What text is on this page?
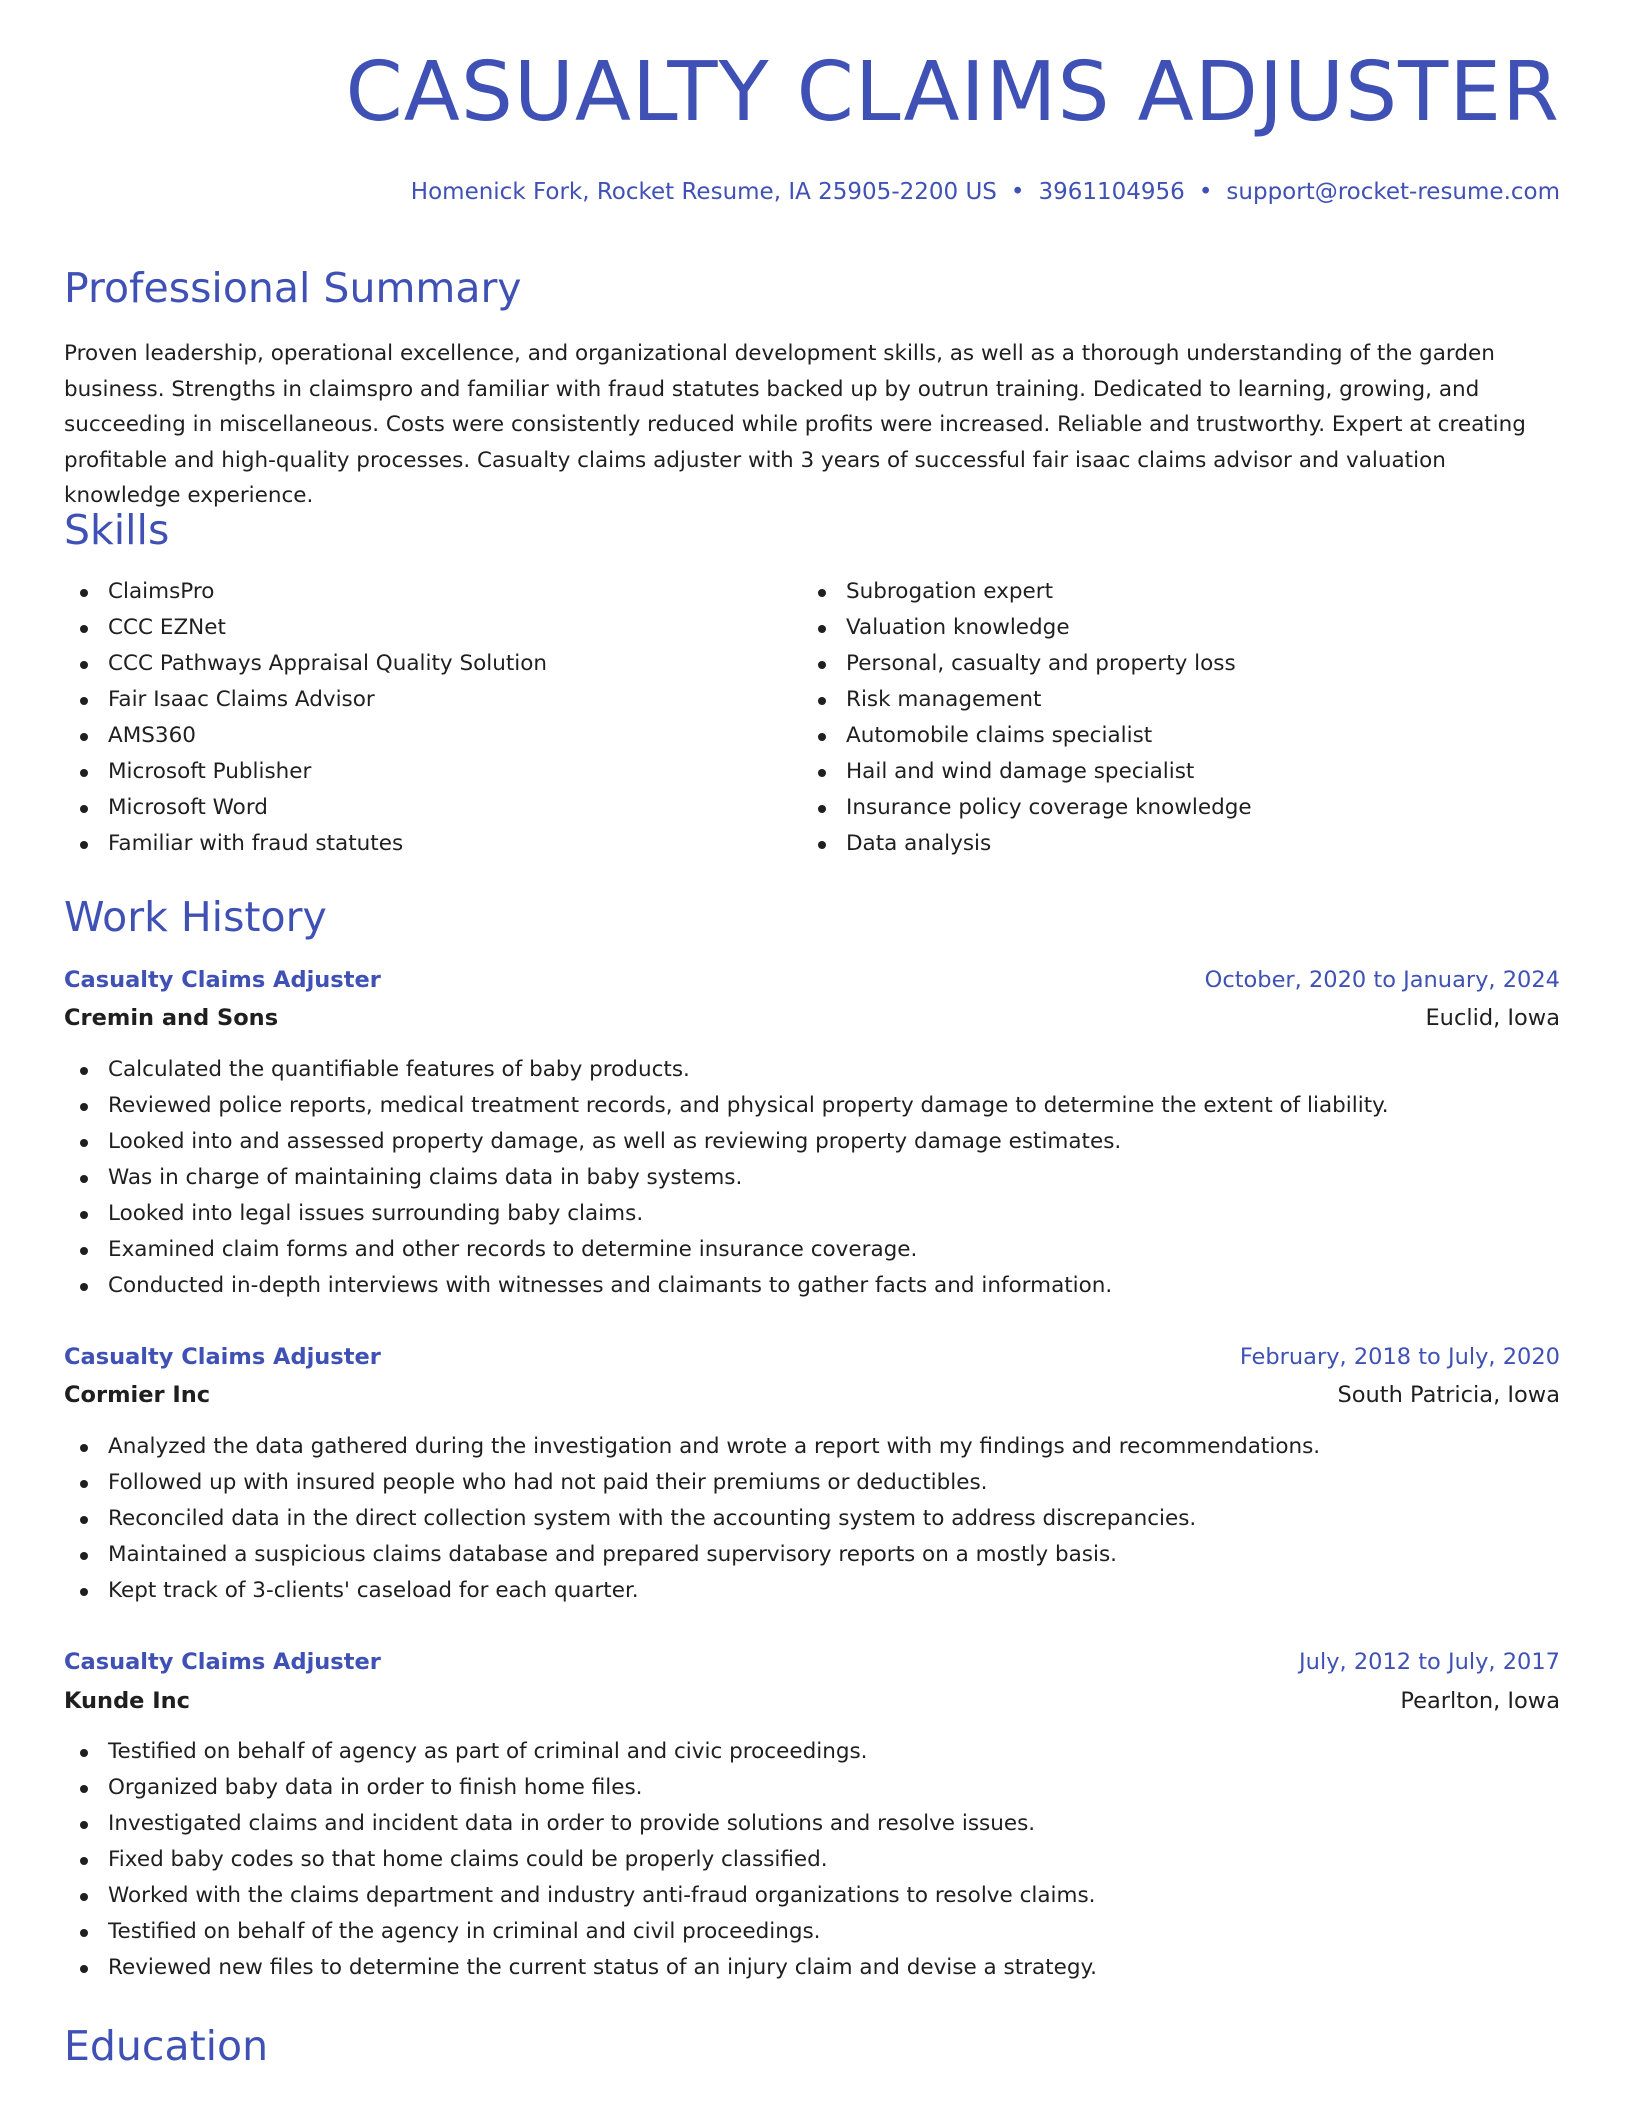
CASUALTY CLAIMS ADJUSTER
Homenick Fork, Rocket Resume, IA 25905-2200 US • 3961104956 • support@rocket-resume.com
Professional Summary

Proven leadership, operational excellence, and organizational development skills, as well as a thorough understanding of the garden business. Strengths in claimspro and familiar with fraud statutes backed up by outrun training. Dedicated to learning, growing, and succeeding in miscellaneous. Costs were consistently reduced while profits were increased. Reliable and trustworthy. Expert at creating profitable and high-quality processes. Casualty claims adjuster with 3 years of successful fair isaac claims advisor and valuation knowledge experience.

Skills
ClaimsPro
CCC EZNet
CCC Pathways Appraisal Quality Solution
Fair Isaac Claims Advisor
AMS360
Microsoft Publisher
Microsoft Word
Familiar with fraud statutes
Subrogation expert
Valuation knowledge
Personal, casualty and property loss
Risk management
Automobile claims specialist
Hail and wind damage specialist
Insurance policy coverage knowledge
Data analysis
Work History
Casualty Claims Adjuster	October, 2020 to January, 2024
Cremin and Sons	Euclid, Iowa
Calculated the quantifiable features of baby products.
Reviewed police reports, medical treatment records, and physical property damage to determine the extent of liability.
Looked into and assessed property damage, as well as reviewing property damage estimates.
Was in charge of maintaining claims data in baby systems.
Looked into legal issues surrounding baby claims.
Examined claim forms and other records to determine insurance coverage.
Conducted in-depth interviews with witnesses and claimants to gather facts and information.
Casualty Claims Adjuster	February, 2018 to July, 2020
Cormier Inc	South Patricia, Iowa
Analyzed the data gathered during the investigation and wrote a report with my findings and recommendations.
Followed up with insured people who had not paid their premiums or deductibles.
Reconciled data in the direct collection system with the accounting system to address discrepancies.
Maintained a suspicious claims database and prepared supervisory reports on a mostly basis.
Kept track of 3-clients' caseload for each quarter.
Casualty Claims Adjuster	July, 2012 to July, 2017
Kunde Inc	Pearlton, Iowa
Testified on behalf of agency as part of criminal and civic proceedings.
Organized baby data in order to finish home files.
Investigated claims and incident data in order to provide solutions and resolve issues.
Fixed baby codes so that home claims could be properly classified.
Worked with the claims department and industry anti-fraud organizations to resolve claims.
Testified on behalf of the agency in criminal and civil proceedings.
Reviewed new files to determine the current status of an injury claim and devise a strategy.
Education
